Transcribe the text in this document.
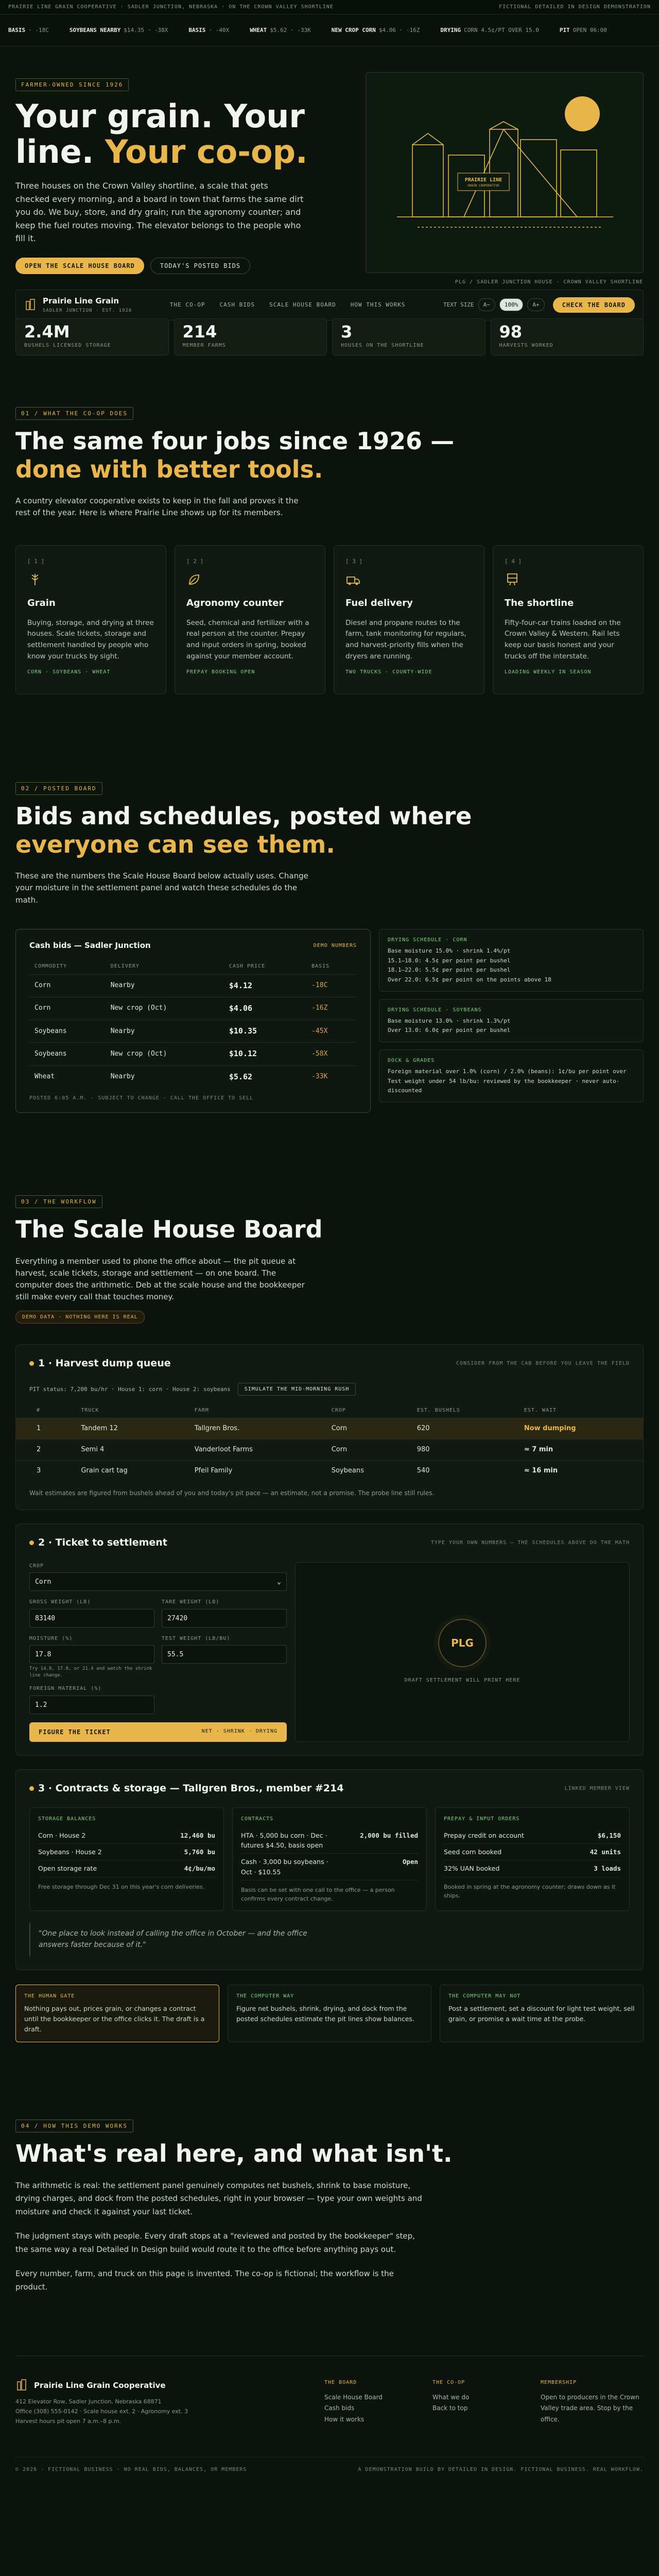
PRAIRIE LINE GRAIN COOPERATIVE · SADLER JUNCTION, NEBRASKA · ON THE CROWN VALLEY SHORTLINE	FICTIONAL DETAILED IN DESIGN DEMONSTRATION
BASIS · -18C	SOYBEANS NEARBY $14.35 · -38X	BASIS · -40X	WHEAT $5.62 · -33K	NEW CROP CORN $4.06 · -16Z	DRYING CORN 4.5¢/PT OVER 15.0	PIT OPEN 06:00
FARMER-OWNED SINCE 1926
Your grain. Your
line. Your co-op.

Three houses on the Crown Valley shortline, a scale that gets checked every morning, and a board in town that farms the same dirt you do. We buy, store, and dry grain; run the agronomy counter; and keep the fuel routes moving. The elevator belongs to the people who fill it.

OPEN THE SCALE HOUSE BOARD	TODAY'S POSTED BIDS
PRAIRIE LINE
GRAIN COOPERATIVE
PLG / SADLER JUNCTION HOUSE · CROWN VALLEY SHORTLINE
Prairie Line Grain
SADLER JUNCTION · EST. 1926
THE CO-OP	CASH BIDS	SCALE HOUSE BOARD	HOW THIS WORKS	TEXT SIZE	A−	100%	A+	CHECK THE BOARD
2.4M
BUSHELS LICENSED STORAGE
214
MEMBER FARMS
3
HOUSES ON THE SHORTLINE
98
HARVESTS WORKED
01 / WHAT THE CO-OP DOES
The same four jobs since 1926 —
done with better tools.

A country elevator cooperative exists to keep in the fall and proves it the rest of the year. Here is where Prairie Line shows up for its members.

[ 1 ]
Grain
Buying, storage, and drying at three houses. Scale tickets, storage and settlement handled by people who know your trucks by sight.
CORN · SOYBEANS · WHEAT
[ 2 ]
Agronomy counter
Seed, chemical and fertilizer with a real person at the counter. Prepay and input orders in spring, booked against your member account.
PREPAY BOOKING OPEN
[ 3 ]
Fuel delivery
Diesel and propane routes to the farm, tank monitoring for regulars, and harvest-priority fills when the dryers are running.
TWO TRUCKS · COUNTY-WIDE
[ 4 ]
The shortline
Fifty-four-car trains loaded on the Crown Valley & Western. Rail lets keep our basis honest and your trucks off the interstate.
LOADING WEEKLY IN SEASON
02 / POSTED BOARD
Bids and schedules, posted where
everyone can see them.

These are the numbers the Scale House Board below actually uses. Change your moisture in the settlement panel and watch these schedules do the math.

Cash bids — Sadler Junction	DEMO NUMBERS
COMMODITY	DELIVERY	CASH PRICE	BASIS
Corn	Nearby	$4.12	-18C
Corn	New crop (Oct)	$4.06	-16Z
Soybeans	Nearby	$10.35	-45X
Soybeans	New crop (Oct)	$10.12	-58X
Wheat	Nearby	$5.62	-33K
POSTED 6:05 A.M. · SUBJECT TO CHANGE · CALL THE OFFICE TO SELL
DRYING SCHEDULE · CORN
Base moisture 15.0% · shrink 1.4%/pt
15.1–18.0: 4.5¢ per point per bushel
18.1–22.0: 5.5¢ per point per bushel
Over 22.0: 6.5¢ per point on the points above 18
DRYING SCHEDULE · SOYBEANS
Base moisture 13.0% · shrink 1.3%/pt
Over 13.0: 6.0¢ per point per bushel
DOCK & GRADES
Foreign material over 1.0% (corn) / 2.0% (beans): 1¢/bu per point over
Test weight under 54 lb/bu: reviewed by the bookkeeper · never auto-discounted
03 / THE WORKFLOW
The Scale House Board

Everything a member used to phone the office about — the pit queue at harvest, scale tickets, storage and settlement — on one board. The computer does the arithmetic. Deb at the scale house and the bookkeeper still make every call that touches money.

DEMO DATA · NOTHING HERE IS REAL
1 · Harvest dump queue	CONSIDER FROM THE CAB BEFORE YOU LEAVE THE FIELD
PIT status: 7,200 bu/hr · House 1: corn · House 2: soybeans	SIMULATE THE MID-MORNING RUSH
#	TRUCK	FARM	CROP	EST. BUSHELS	EST. WAIT
1	Tandem 12	Tallgren Bros.	Corn	620	Now dumping
2	Semi 4	Vanderloot Farms	Corn	980	≈ 7 min
3	Grain cart tag	Pfeil Family	Soybeans	540	≈ 16 min

Wait estimates are figured from bushels ahead of you and today's pit pace — an estimate, not a promise. The probe line still rules.

2 · Ticket to settlement	TYPE YOUR OWN NUMBERS — THE SCHEDULES ABOVE DO THE MATH
CROP
Corn	⌄
GROSS WEIGHT (LB)
83140
TARE WEIGHT (LB)
27420
MOISTURE (%)
17.8
Try 14.8, 17.8, or 21.4 and watch the shrink line change.
TEST WEIGHT (LB/BU)
55.5
FOREIGN MATERIAL (%)
1.2
FIGURE THE TICKET	NET · SHRINK · DRYING
PLG
DRAFT SETTLEMENT WILL PRINT HERE
3 · Contracts & storage — Tallgren Bros., member #214	LINKED MEMBER VIEW
STORAGE BALANCES
Corn · House 2	12,460 bu
Soybeans · House 2	5,760 bu
Open storage rate	4¢/bu/mo

Free storage through Dec 31 on this year's corn deliveries.

CONTRACTS
HTA · 5,000 bu corn · Dec · futures $4.50, basis open
2,000 bu filled
Cash · 3,000 bu soybeans · Oct · $10.55
Open

Basis can be set with one call to the office — a person confirms every contract change.

PREPAY & INPUT ORDERS
Prepay credit on account	$6,150
Seed corn booked	42 units
32% UAN booked	3 loads

Booked in spring at the agronomy counter; draws down as it ships.

"One place to look instead of calling the office in October — and the office answers faster because of it."

THE HUMAN GATE
Nothing pays out, prices grain, or changes a contract until the bookkeeper or the office clicks it. The draft is a draft.
THE COMPUTER WAY
Figure net bushels, shrink, drying, and dock from the posted schedules estimate the pit lines show balances.
THE COMPUTER MAY NOT
Post a settlement, set a discount for light test weight, sell grain, or promise a wait time at the probe.
04 / HOW THIS DEMO WORKS
What's real here, and what isn't.

The arithmetic is real: the settlement panel genuinely computes net bushels, shrink to base moisture, drying charges, and dock from the posted schedules, right in your browser — type your own weights and moisture and check it against your last ticket.

The judgment stays with people. Every draft stops at a "reviewed and posted by the bookkeeper" step, the same way a real Detailed In Design build would route it to the office before anything pays out.

Every number, farm, and truck on this page is invented. The co-op is fictional; the workflow is the product.

Prairie Line Grain Cooperative
412 Elevator Row, Sadler Junction, Nebraska 68871
Office (308) 555-0142 · Scale house ext. 2 · Agronomy ext. 3
Harvest hours pit open 7 a.m.–8 p.m.
THE BOARD
Scale House Board
Cash bids
How it works
THE CO-OP
What we do
Back to top
MEMBERSHIP
Open to producers in the Crown Valley trade area. Stop by the office.
© 2026 · FICTIONAL BUSINESS · NO REAL BIDS, BALANCES, OR MEMBERS	A DEMONSTRATION BUILD BY DETAILED IN DESIGN. FICTIONAL BUSINESS. REAL WORKFLOW.
